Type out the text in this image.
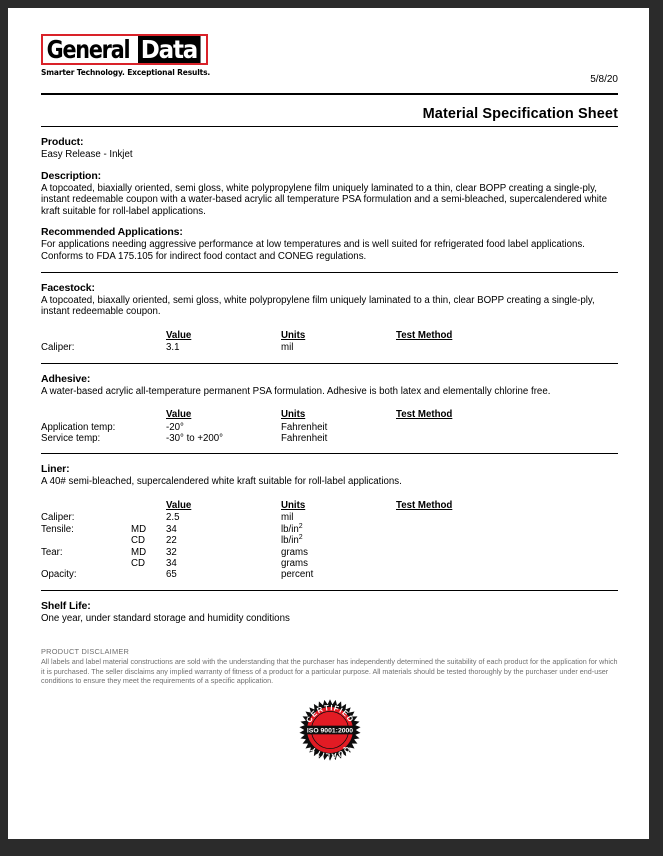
General Data
Smarter Technology. Exceptional Results.
5/8/20
Material Specification Sheet
Product:
Easy Release - Inkjet
Description:
A topcoated, biaxially oriented, semi gloss, white polypropylene film uniquely laminated to a thin, clear BOPP creating a single-ply, instant redeemable coupon with a water-based acrylic all temperature PSA formulation and a semi-bleached, supercalendered white kraft suitable for roll-label applications.
Recommended Applications:
For applications needing aggressive performance at low temperatures and is well suited for refrigerated food label applications. Conforms to FDA 175.105 for indirect food contact and CONEG regulations.
Facestock:
A topcoated, biaxally oriented, semi gloss, white polypropylene film uniquely laminated to a thin, clear BOPP creating a single-ply, instant redeemable coupon.
		Value	Units	Test Method
Caliper:		3.1	mil	
Adhesive:
A water-based acrylic all-temperature permanent PSA formulation. Adhesive is both latex and elementally chlorine free.
		Value	Units	Test Method
Application temp:		-20°	Fahrenheit	
Service temp:		-30° to +200°	Fahrenheit	
Liner:
A 40# semi-bleached, supercalendered white kraft suitable for roll-label applications.
		Value	Units	Test Method
Caliper:		2.5	mil	
Tensile:	MD	34	$lb/in^2$	
	CD	22	$lb/in^2$	
Tear:	MD	32	grams	
	CD	34	grams	
Opacity:		65	percent	
Shelf Life:
One year, under standard storage and humidity conditions
PRODUCT DISCLAIMER
All labels and label material constructions are sold with the understanding that the purchaser has independently determined the suitability of each product for the application for which it is purchased. The seller disclaims any implied warranty of fitness of a product for a particular purpose. All materials should be tested thoroughly by the purchaser under end-user conditions to ensure they meet the requirements of a specific application.
CERTIFIED
QUALITY
ISO 9001:2000
